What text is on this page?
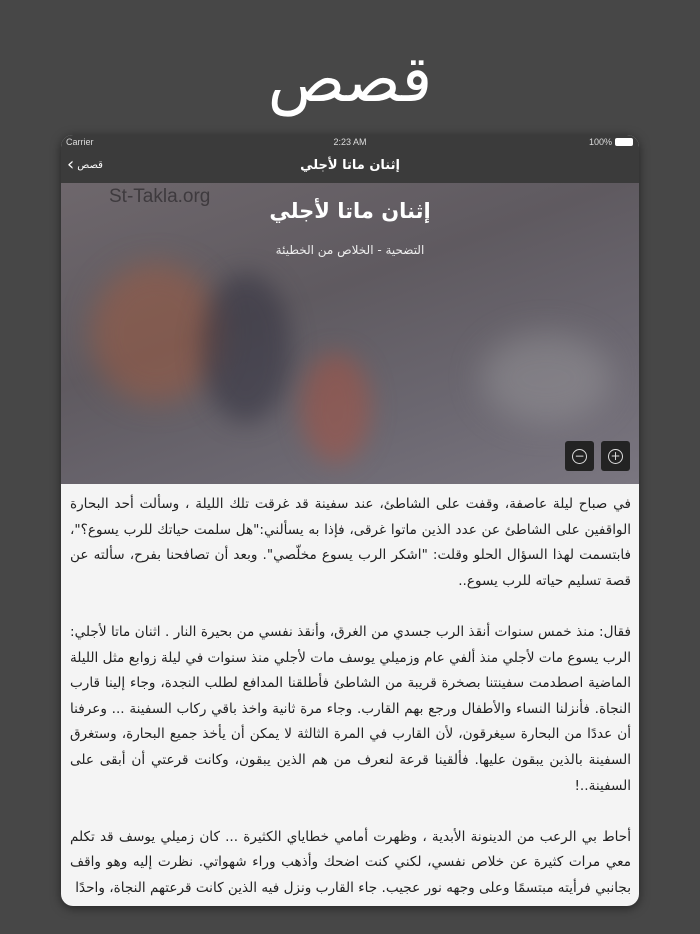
قصص
Carrier	2:23 AM	100%
‹ قصص	إثنان ماتا لأجلي
St-Takla.org
إثنان ماتا لأجلي
التضحية - الخلاص من الخطيئة
− +

في صباح ليلة عاصفة، وقفت على الشاطئ، عند سفينة قد غرقت تلك الليلة ، وسألت أحد البحارة الواقفين على الشاطئ عن عدد الذين ماتوا غرقى، فإذا به يسألني:"هل سلمت حياتك للرب يسوع؟"، فابتسمت لهذا السؤال الحلو وقلت: "اشكر الرب يسوع مخلّصي". وبعد أن تصافحنا بفرح، سألته عن قصة تسليم حياته للرب يسوع..

فقال: منذ خمس سنوات أنقذ الرب جسدي من الغرق، وأنقذ نفسي من بحيرة النار . اثنان ماتا لأجلي: الرب يسوع مات لأجلي منذ ألفي عام وزميلي يوسف مات لأجلي منذ سنوات في ليلة زوابع مثل الليلة الماضية اصطدمت سفينتنا بصخرة قريبة من الشاطئ فأطلقنا المدافع لطلب النجدة، وجاء إلينا قارب النجاة. فأنزلنا النساء والأطفال ورجع بهم القارب. وجاء مرة ثانية واخذ باقي ركاب السفينة ... وعرفنا أن عددًا من البحارة سيغرقون، لأن القارب في المرة الثالثة لا يمكن أن يأخذ جميع البحارة، وستغرق السفينة بالذين يبقون عليها. فألقينا قرعة لنعرف من هم الذين يبقون، وكانت قرعتي أن أبقى على السفينة..!

أحاط بي الرعب من الدينونة الأبدية ، وظهرت أمامي خطاياي الكثيرة ... كان زميلي يوسف قد تكلم معي مرات كثيرة عن خلاص نفسي، لكني كنت اضحك وأذهب وراء شهواتي. نظرت إليه وهو واقف بجانبي فرأيته مبتسمًا وعلى وجهه نور عجيب. جاء القارب ونزل فيه الذين كانت قرعتهم النجاة، واحدًا
